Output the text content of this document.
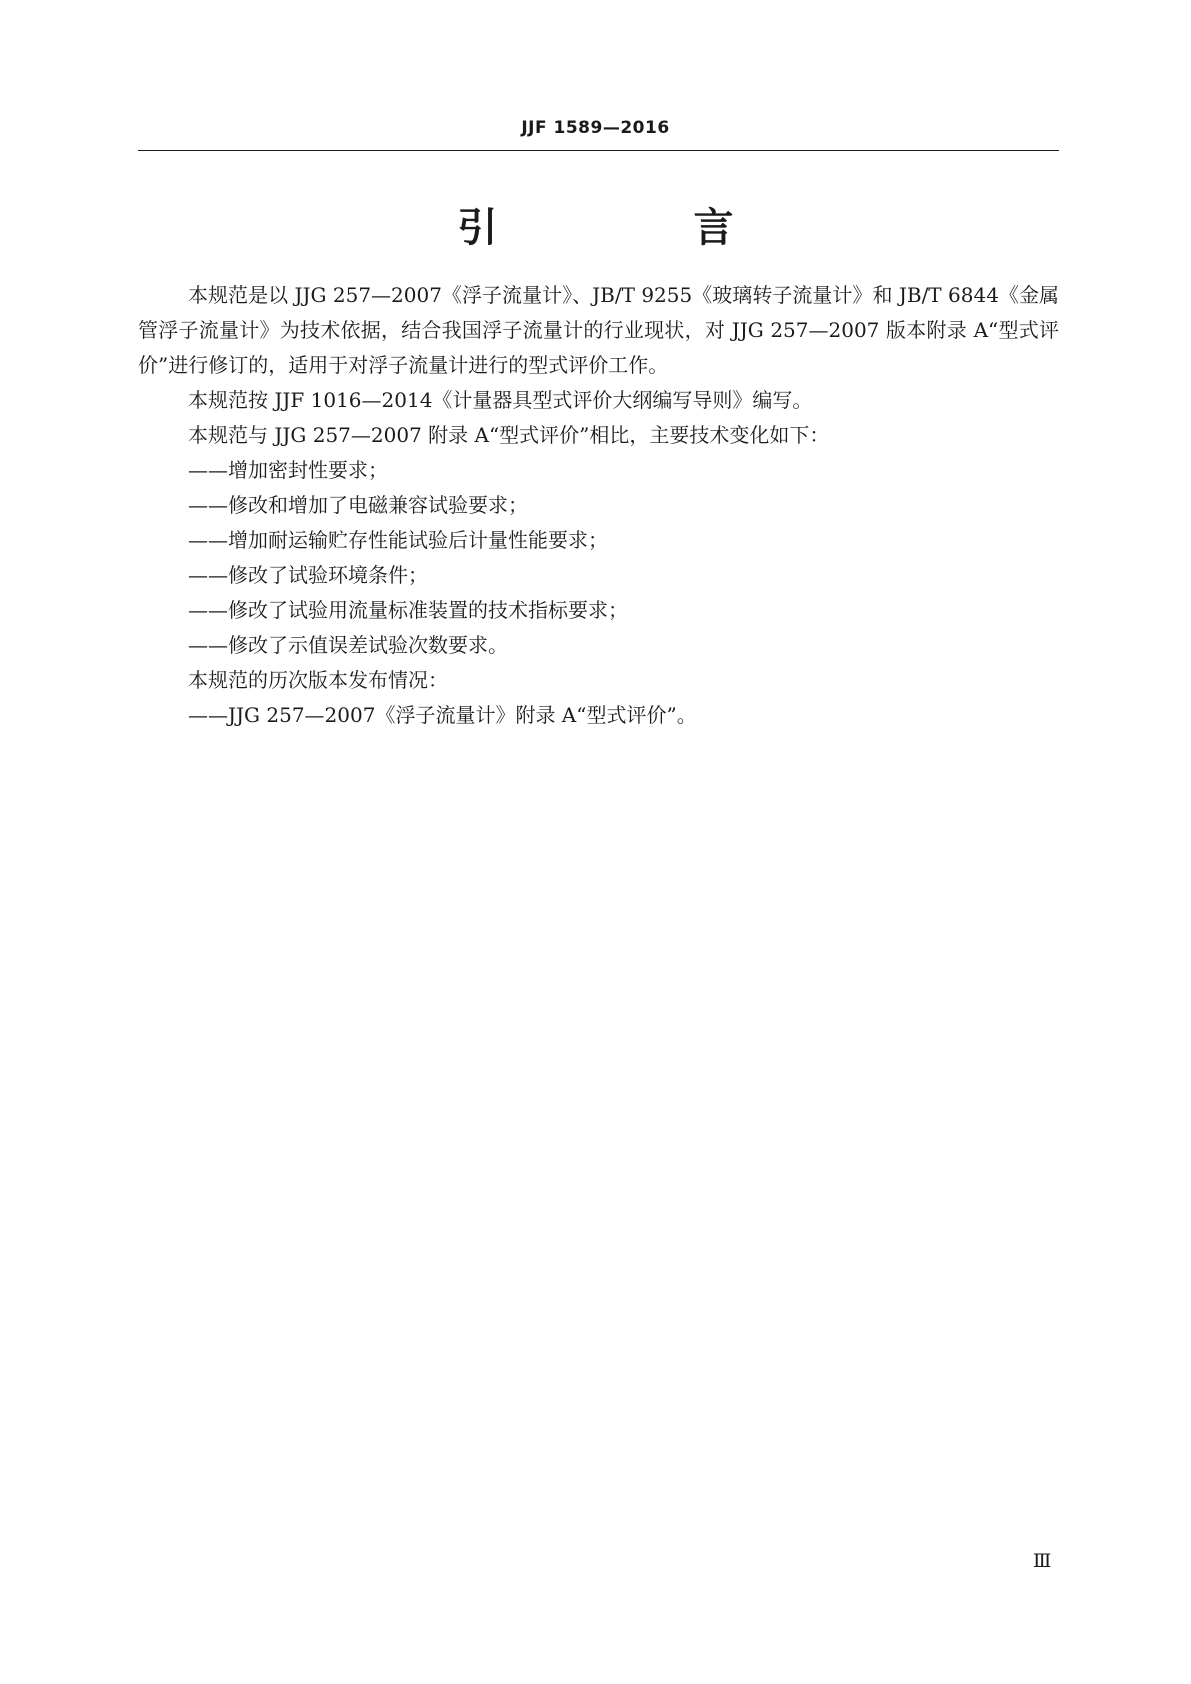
JJF 1589—2016
引　言

本规范是以 JJG 257—2007《浮子流量计》、JB/T 9255《玻璃转子流量计》和 JB/T 6844《金属管浮子流量计》为技术依据，结合我国浮子流量计的行业现状，对 JJG 257—2007 版本附录 A“型式评价”进行修订的，适用于对浮子流量计进行的型式评价工作。

本规范按 JJF 1016—2014《计量器具型式评价大纲编写导则》编写。

本规范与 JJG 257—2007 附录 A“型式评价”相比，主要技术变化如下：

——增加密封性要求；

——修改和增加了电磁兼容试验要求；

——增加耐运输贮存性能试验后计量性能要求；

——修改了试验环境条件；

——修改了试验用流量标准装置的技术指标要求；

——修改了示值误差试验次数要求。

本规范的历次版本发布情况：

——JJG 257—2007《浮子流量计》附录 A“型式评价”。

Ⅲ
